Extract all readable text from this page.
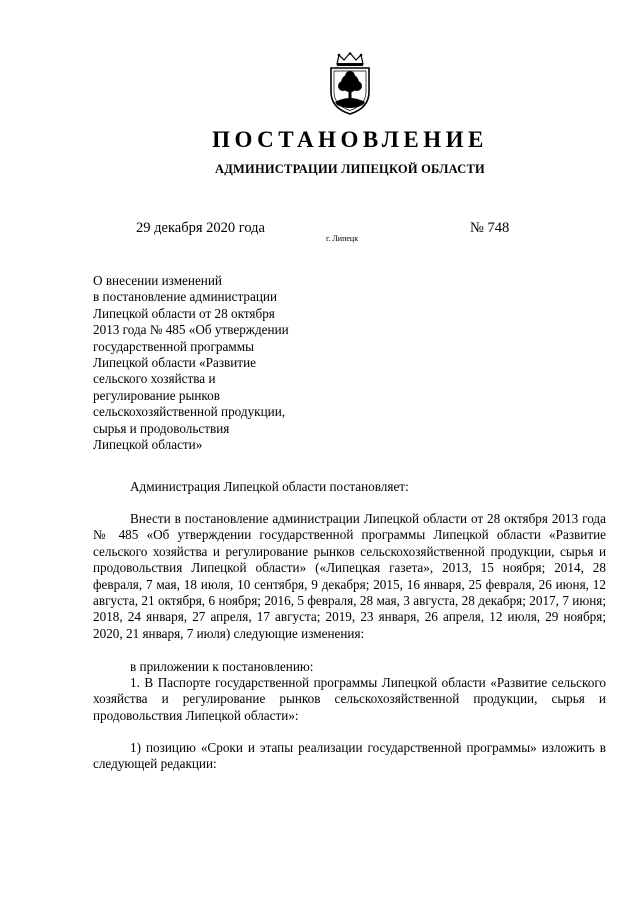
ПОСТАНОВЛЕНИЕ
АДМИНИСТРАЦИИ ЛИПЕЦКОЙ ОБЛАСТИ
29 декабря 2020 года
г. Липецк
№ 748
О внесении изменений
в постановление администрации
Липецкой области от 28 октября
2013 года № 485 «Об утверждении
государственной программы
Липецкой области «Развитие
сельского хозяйства и
регулирование рынков
сельскохозяйственной продукции,
сырья и продовольствия
Липецкой области»
Администрация Липецкой области постановляет:
Внести в постановление администрации Липецкой области от 28 октября 2013 года № 485 «Об утверждении государственной программы Липецкой области «Развитие сельского хозяйства и регулирование рынков сельскохозяйственной продукции, сырья и продовольствия Липецкой области» («Липецкая газета», 2013, 15 ноября; 2014, 28 февраля, 7 мая, 18 июля, 10 сентября, 9 декабря; 2015, 16 января, 25 февраля, 26 июня, 12 августа, 21 октября, 6 ноября; 2016, 5 февраля, 28 мая, 3 августа, 28 декабря; 2017, 7 июня; 2018, 24 января, 27 апреля, 17 августа; 2019, 23 января, 26 апреля, 12 июля, 29 ноября; 2020, 21 января, 7 июля) следующие изменения:
в приложении к постановлению:
1. В Паспорте государственной программы Липецкой области «Развитие сельского хозяйства и регулирование рынков сельскохозяйственной продукции, сырья и продовольствия Липецкой области»:
1) позицию «Сроки и этапы реализации государственной программы» изложить в следующей редакции:
